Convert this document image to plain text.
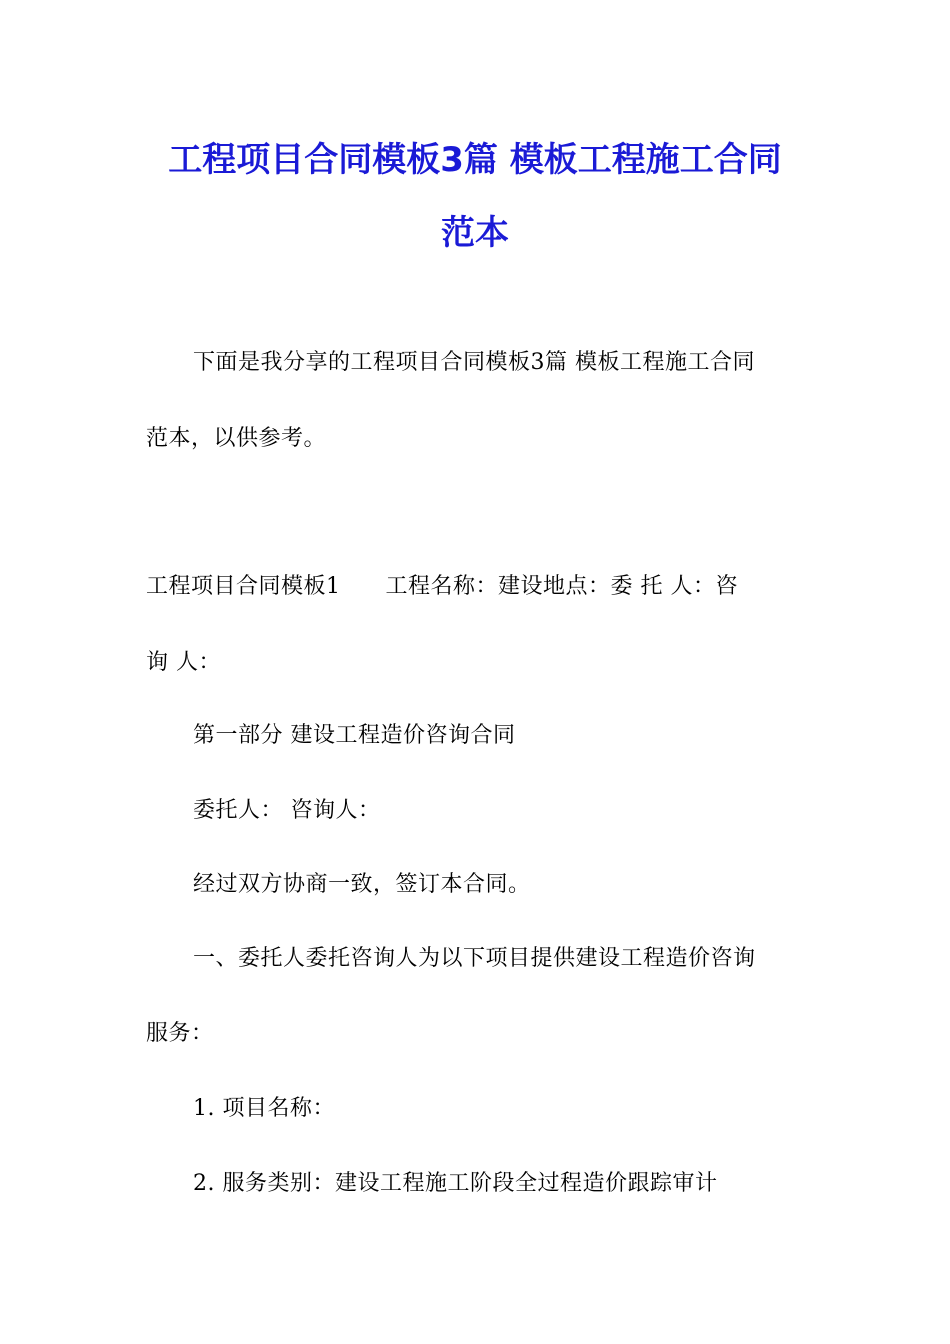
工程项目合同模板3篇 模板工程施工合同
范本
下面是我分享的工程项目合同模板3篇 模板工程施工合同
范本，以供参考。
工程项目合同模板1　　工程名称：建设地点：委 托 人：咨
询 人：
第一部分 建设工程造价咨询合同
委托人： 咨询人：
经过双方协商一致，签订本合同。
一、委托人委托咨询人为以下项目提供建设工程造价咨询
服务：
1. 项目名称：
2. 服务类别：建设工程施工阶段全过程造价跟踪审计
